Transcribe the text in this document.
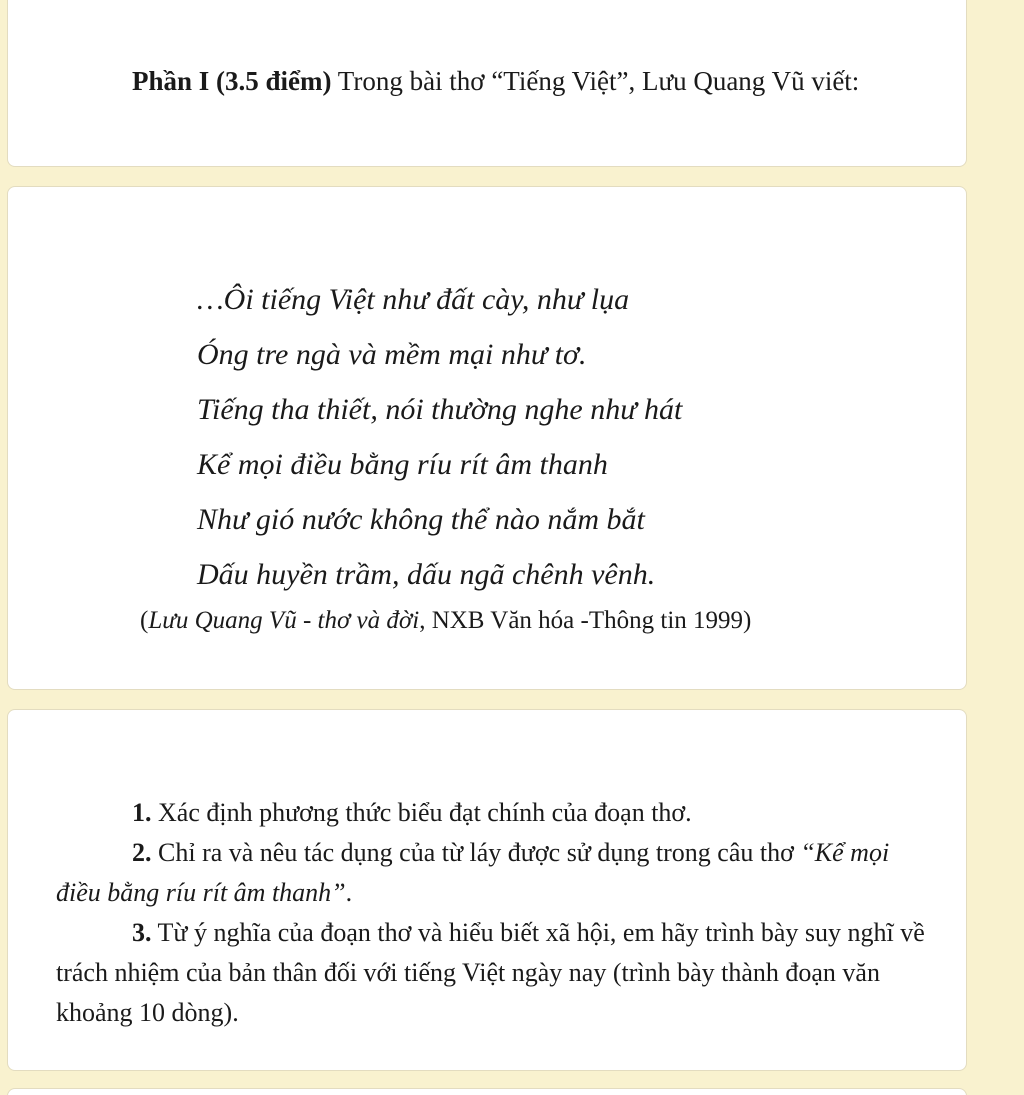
Phần I (3.5 điểm) Trong bài thơ “Tiếng Việt”, Lưu Quang Vũ viết:

…Ôi tiếng Việt như đất cày, như lụa
Óng tre ngà và mềm mại như tơ.
Tiếng tha thiết, nói thường nghe như hát
Kể mọi điều bằng ríu rít âm thanh
Như gió nước không thể nào nắm bắt
Dấu huyền trầm, dấu ngã chênh vênh.

(Lưu Quang Vũ - thơ và đời, NXB Văn hóa -Thông tin 1999)

1. Xác định phương thức biểu đạt chính của đoạn thơ.

2. Chỉ ra và nêu tác dụng của từ láy được sử dụng trong câu thơ “Kể mọi điều bằng ríu rít âm thanh”.

3. Từ ý nghĩa của đoạn thơ và hiểu biết xã hội, em hãy trình bày suy nghĩ về trách nhiệm của bản thân đối với tiếng Việt ngày nay (trình bày thành đoạn văn khoảng 10 dòng).
